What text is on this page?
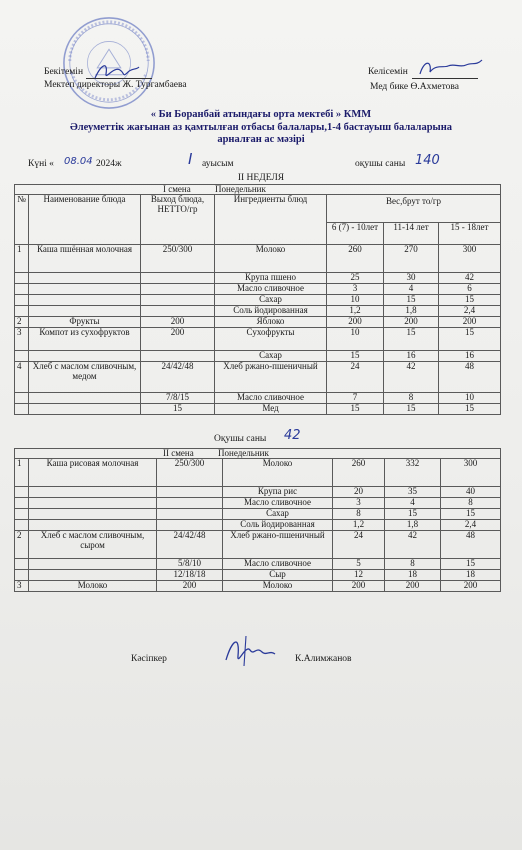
Бекітемін
Мектеп директоры Ж. Тургамбаева
Келісемін
Мед бике Ө.Ахметова
« Би Боранбай атындағы орта мектебі » КММ
Әлеуметтік жағынан аз қамтылған отбасы балалары,1-4 бастауыш балаларына
арналған ас мәзірі
Күні « 08.04 2024ж	I ауысым	оқушы саны 140
II НЕДЕЛЯ
I смена Понедельник						
№	Наименование блюда	Выход блюда, НЕТТО/гр	Ингредиенты блюд	Вес,брут то/гр		
				6 (7) - 10лет	11-14 лет	15 - 18лет
1	Каша пшённая молочная	250/300	Молоко	260	270	300
			Крупа пшено	25	30	42
			Масло сливочное	3	4	6
			Сахар	10	15	15
			Соль йодированная	1,2	1,8	2,4
2	Фрукты	200	Яблоко	200	200	200
3	Компот из сухофруктов	200	Сухофрукты	10	15	15
			Сахар	15	16	16
4	Хлеб с маслом сливочным, медом	24/42/48	Хлеб ржано-пшеничный	24	42	48
		7/8/15	Масло сливочное	7	8	10
		15	Мед	15	15	15
Оқушы саны 42
II смена Понедельник						
1	Каша рисовая молочная	250/300	Молоко	260	332	300
			Крупа рис	20	35	40
			Масло сливочное	3	4	8
			Сахар	8	15	15
			Соль йодированная	1,2	1,8	2,4
2	Хлеб с маслом сливочным, сыром	24/42/48	Хлеб ржано-пшеничный	24	42	48
		5/8/10	Масло сливочное	5	8	15
		12/18/18	Сыр	12	18	18
3	Молоко	200	Молоко	200	200	200
Кәсіпкер	К.Алимжанов
